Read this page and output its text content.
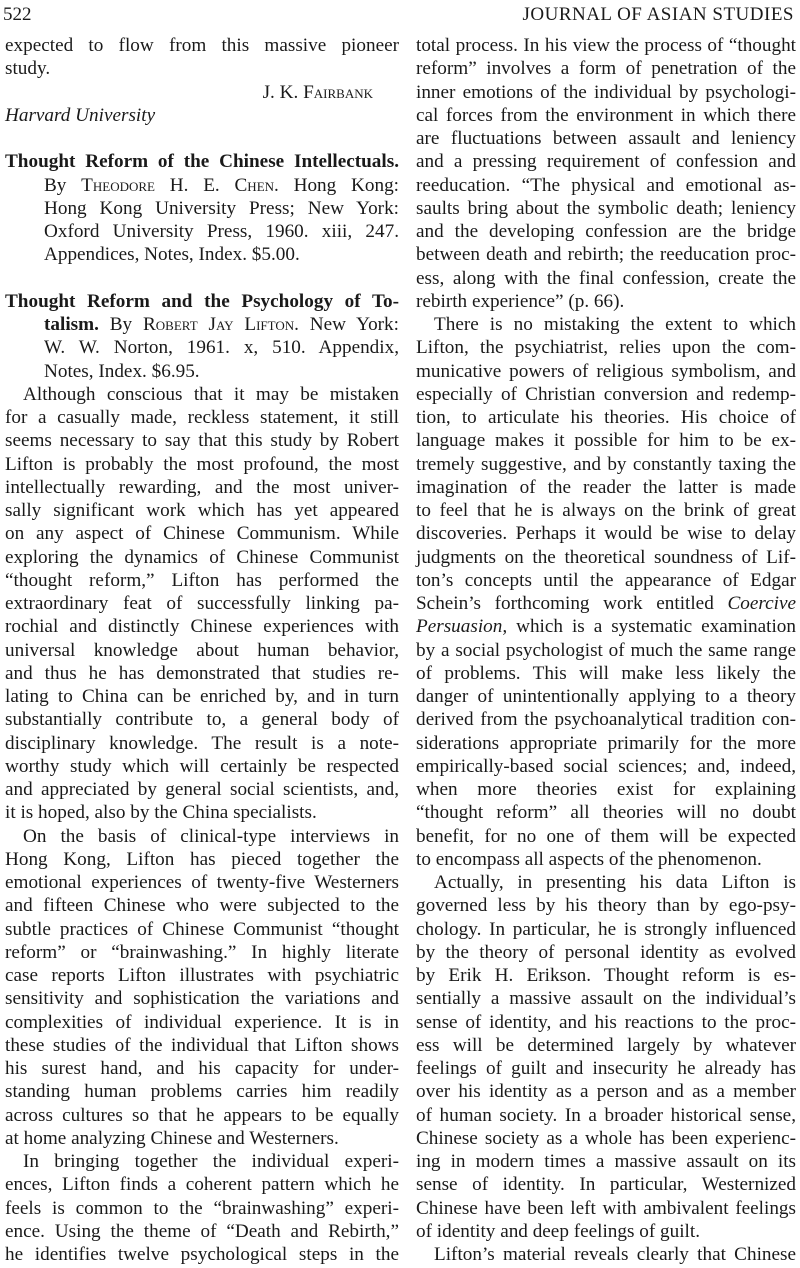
522	JOURNAL OF ASIAN STUDIES
expected to flow from this massive pioneer
study.
J. K. Fairbank
Harvard University
Thought Reform of the Chinese Intellectuals.
By Theodore H. E. Chen. Hong Kong:
Hong Kong University Press; New York:
Oxford University Press, 1960. xiii, 247.
Appendices, Notes, Index. $5.00.
Thought Reform and the Psychology of To-
talism. By Robert Jay Lifton. New York:
W. W. Norton, 1961. x, 510. Appendix,
Notes, Index. $6.95.
Although conscious that it may be mistaken
for a casually made, reckless statement, it still
seems necessary to say that this study by Robert
Lifton is probably the most profound, the most
intellectually rewarding, and the most univer-
sally significant work which has yet appeared
on any aspect of Chinese Communism. While
exploring the dynamics of Chinese Communist
“thought reform,” Lifton has performed the
extraordinary feat of successfully linking pa-
rochial and distinctly Chinese experiences with
universal knowledge about human behavior,
and thus he has demonstrated that studies re-
lating to China can be enriched by, and in turn
substantially contribute to, a general body of
disciplinary knowledge. The result is a note-
worthy study which will certainly be respected
and appreciated by general social scientists, and,
it is hoped, also by the China specialists.
On the basis of clinical-type interviews in
Hong Kong, Lifton has pieced together the
emotional experiences of twenty-five Westerners
and fifteen Chinese who were subjected to the
subtle practices of Chinese Communist “thought
reform” or “brainwashing.” In highly literate
case reports Lifton illustrates with psychiatric
sensitivity and sophistication the variations and
complexities of individual experience. It is in
these studies of the individual that Lifton shows
his surest hand, and his capacity for under-
standing human problems carries him readily
across cultures so that he appears to be equally
at home analyzing Chinese and Westerners.
In bringing together the individual experi-
ences, Lifton finds a coherent pattern which he
feels is common to the “brainwashing” experi-
ence. Using the theme of “Death and Rebirth,”
he identifies twelve psychological steps in the
total process. In his view the process of “thought
reform” involves a form of penetration of the
inner emotions of the individual by psychologi-
cal forces from the environment in which there
are fluctuations between assault and leniency
and a pressing requirement of confession and
reeducation. “The physical and emotional as-
saults bring about the symbolic death; leniency
and the developing confession are the bridge
between death and rebirth; the reeducation proc-
ess, along with the final confession, create the
rebirth experience” (p. 66).
There is no mistaking the extent to which
Lifton, the psychiatrist, relies upon the com-
municative powers of religious symbolism, and
especially of Christian conversion and redemp-
tion, to articulate his theories. His choice of
language makes it possible for him to be ex-
tremely suggestive, and by constantly taxing the
imagination of the reader the latter is made
to feel that he is always on the brink of great
discoveries. Perhaps it would be wise to delay
judgments on the theoretical soundness of Lif-
ton’s concepts until the appearance of Edgar
Schein’s forthcoming work entitled Coercive
Persuasion, which is a systematic examination
by a social psychologist of much the same range
of problems. This will make less likely the
danger of unintentionally applying to a theory
derived from the psychoanalytical tradition con-
siderations appropriate primarily for the more
empirically-based social sciences; and, indeed,
when more theories exist for explaining
“thought reform” all theories will no doubt
benefit, for no one of them will be expected
to encompass all aspects of the phenomenon.
Actually, in presenting his data Lifton is
governed less by his theory than by ego-psy-
chology. In particular, he is strongly influenced
by the theory of personal identity as evolved
by Erik H. Erikson. Thought reform is es-
sentially a massive assault on the individual’s
sense of identity, and his reactions to the proc-
ess will be determined largely by whatever
feelings of guilt and insecurity he already has
over his identity as a person and as a member
of human society. In a broader historical sense,
Chinese society as a whole has been experienc-
ing in modern times a massive assault on its
sense of identity. In particular, Westernized
Chinese have been left with ambivalent feelings
of identity and deep feelings of guilt.
Lifton’s material reveals clearly that Chinese
